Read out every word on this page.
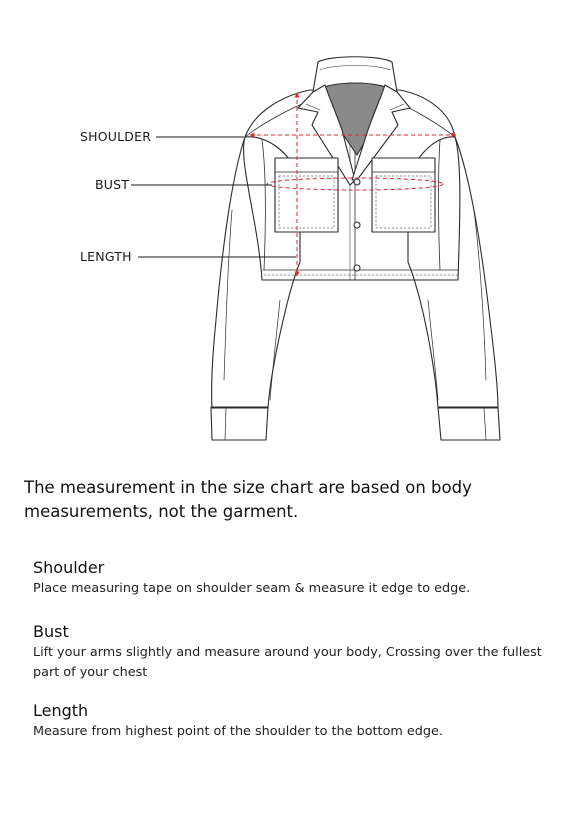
SHOULDER
BUST
LENGTH
The measurement in the size chart are based on body measurements, not the garment.
Shoulder

Place measuring tape on shoulder seam & measure it edge to edge.

Bust

Lift your arms slightly and measure around your body, Crossing over the fullest part of your chest

Length

Measure from highest point of the shoulder to the bottom edge.
